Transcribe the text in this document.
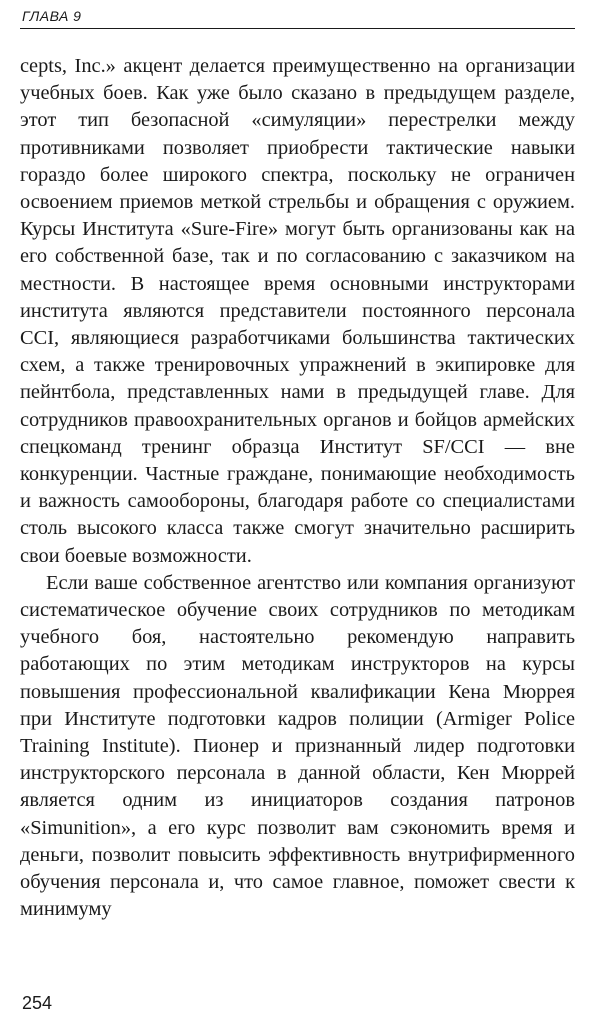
ГЛАВА 9

cepts, Inc.» акцент делается преимущественно на организации учебных боев. Как уже было сказано в предыдущем разделе, этот тип безопасной «симуляции» перестрелки между противниками позволяет приобрести тактические навыки гораздо более широкого спектра, поскольку не ограничен освоением приемов меткой стрельбы и обращения с оружием. Курсы Института «Sure-Fire» могут быть организованы как на его собственной базе, так и по согласованию с заказчиком на местности. В настоящее время основными инструкторами института являются представители постоянного персонала CCI, являющиеся разработчиками большинства тактических схем, а также тренировочных упражнений в экипировке для пейнтбола, представленных нами в предыдущей главе. Для сотрудников правоохранительных органов и бойцов армейских спецкоманд тренинг образца Институт SF/CCI — вне конкуренции. Частные граждане, понимающие необходимость и важность самообороны, благодаря работе со специалистами столь высокого класса также смогут значительно расширить свои боевые возможности.

Если ваше собственное агентство или компания организуют систематическое обучение своих сотрудников по методикам учебного боя, настоятельно рекомендую направить работающих по этим методикам инструкторов на курсы повышения профессиональной квалификации Кена Мюррея при Институте подготовки кадров полиции (Armiger Police Training Institute). Пионер и признанный лидер подготовки инструкторского персонала в данной области, Кен Мюррей является одним из инициаторов создания патронов «Simunition», а его курс позволит вам сэкономить время и деньги, позволит повысить эффективность внутрифирменного обучения персонала и, что самое главное, поможет свести к минимуму

254
